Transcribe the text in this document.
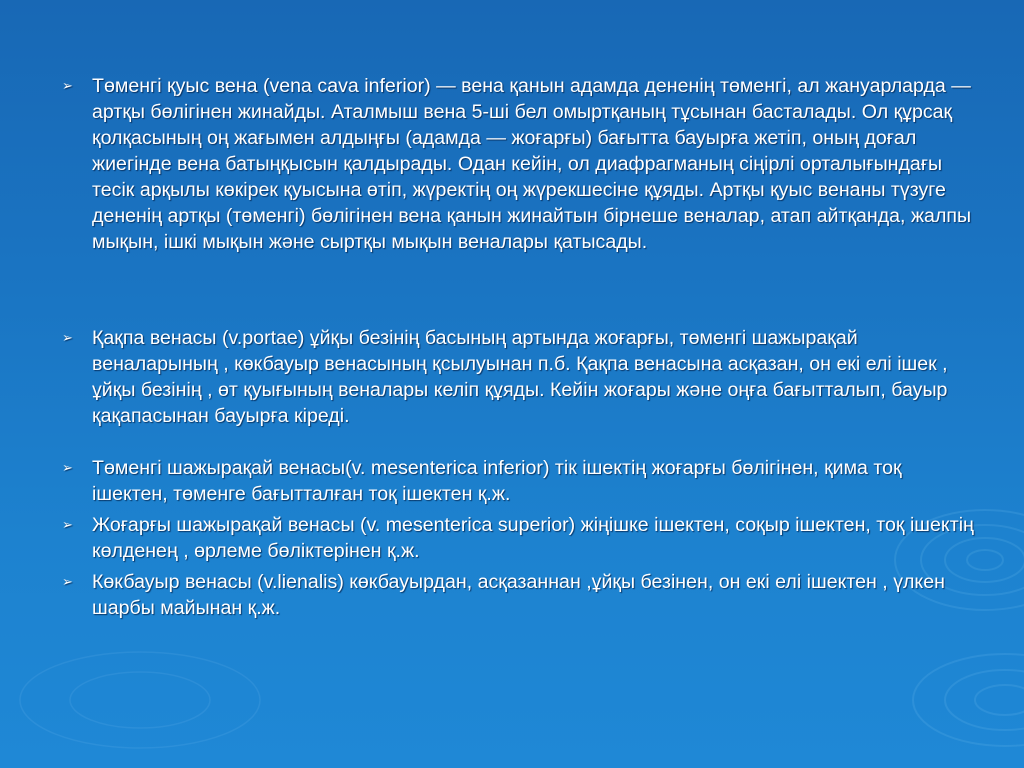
➢ Төменгі қуыс вена (vena cava inferior) — вена қанын адамда дененің төменгі, ал жануарларда — артқы бөлігінен жинайды. Аталмыш вена 5-ші бел омыртқаның тұсынан басталады. Ол құрсақ қолқасының оң жағымен алдыңғы (адамда — жоғарғы) бағытта бауырға жетіп, оның доғал жиегінде вена батыңқысын қалдырады. Одан кейін, ол диафрагманың сіңірлі орталығындағы тесік арқылы көкірек қуысына өтіп, жүректің оң жүрекшесіне құяды. Артқы қуыс венаны түзуге дененің артқы (төменгі) бөлігінен вена қанын жинайтын бірнеше веналар, атап айтқанда, жалпы мықын, ішкі мықын және сыртқы мықын веналары қатысады.
➢ Қақпа венасы (v.portae) ұйқы безінің басының артында жоғарғы, төменгі шажырақай веналарының , көкбауыр венасының қсылуынан п.б. Қақпа венасына асқазан, он екі елі ішек , ұйқы безінің , өт қуығының веналары келіп құяды. Кейін жоғары және оңға бағытталып, бауыр қақапасынан бауырға кіреді.
➢ Төменгі шажырақай венасы(v. mesenterica inferior) тік ішектің жоғарғы бөлігінен, қима тоқ ішектен, төменге бағытталған тоқ ішектен қ.ж.
➢ Жоғарғы шажырақай венасы (v. mesenterica superior) жіңішке ішектен, соқыр ішектен, тоқ ішектің көлденең , өрлеме бөліктерінен қ.ж.
➢ Көкбауыр венасы (v.lienalis) көкбауырдан, асқазаннан ,ұйқы безінен, он екі елі ішектен , үлкен шарбы майынан қ.ж.
